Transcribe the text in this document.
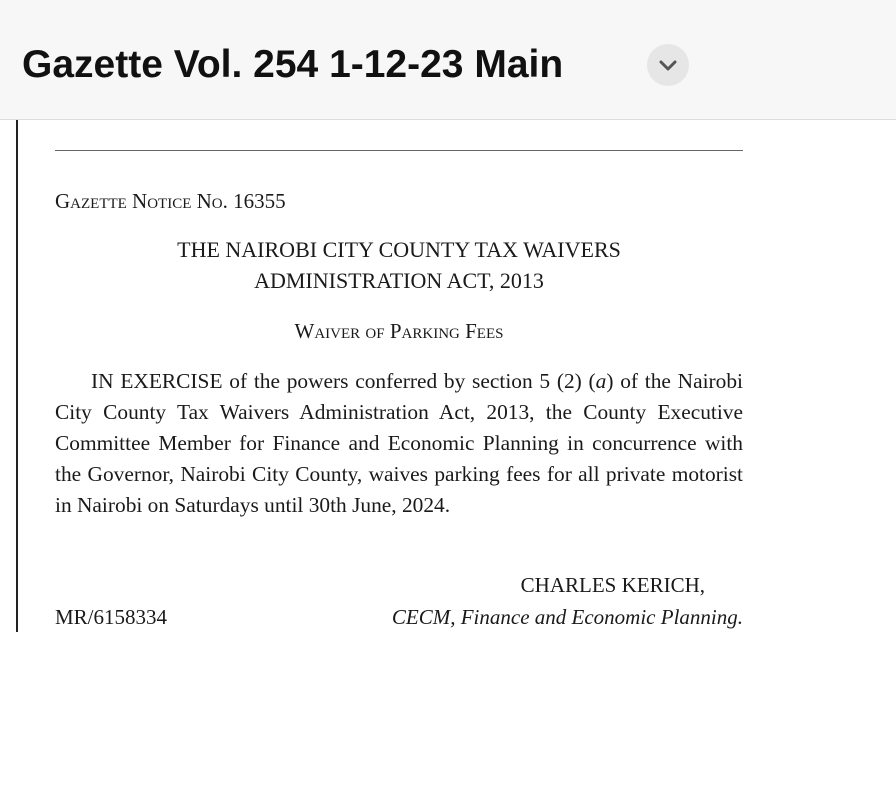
Gazette Vol. 254 1-12-23 Main
Gazette Notice No. 16355
THE NAIROBI CITY COUNTY TAX WAIVERS
ADMINISTRATION ACT, 2013
Waiver of Parking Fees
IN EXERCISE of the powers conferred by section 5 (2) (a) of the Nairobi City County Tax Waivers Administration Act, 2013, the County Executive Committee Member for Finance and Economic Planning in concurrence with the Governor, Nairobi City County, waives parking fees for all private motorist in Nairobi on Saturdays until 30th June, 2024.
CHARLES KERICH,
MR/6158334	CECM, Finance and Economic Planning.
